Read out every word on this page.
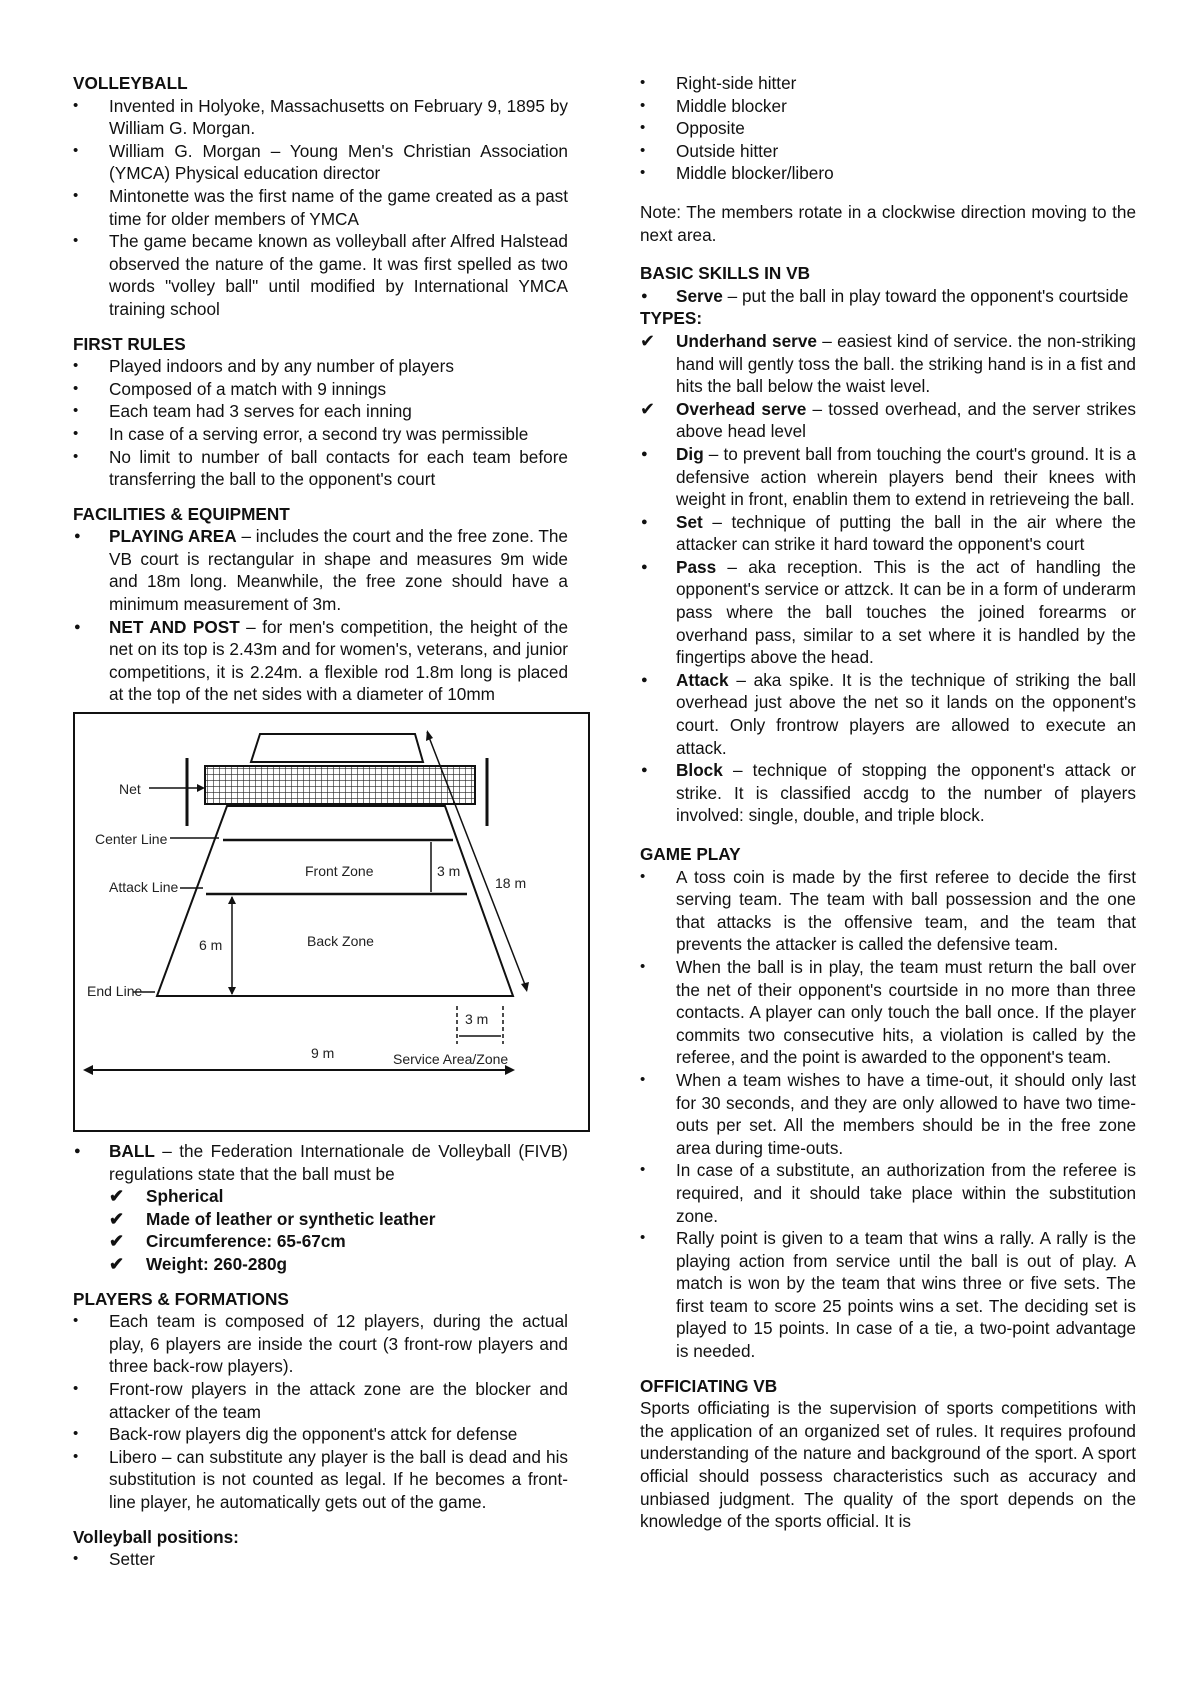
VOLLEYBALL
• Invented in Holyoke, Massachusetts on February 9, 1895 by William G. Morgan.
• William G. Morgan – Young Men's Christian Association (YMCA) Physical education director
• Mintonette was the first name of the game created as a past time for older members of YMCA
• The game became known as volleyball after Alfred Halstead observed the nature of the game. It was first spelled as two words "volley ball" until modified by International YMCA training school
FIRST RULES
• Played indoors and by any number of players
• Composed of a match with 9 innings
• Each team had 3 serves for each inning
• In case of a serving error, a second try was permissible
• No limit to number of ball contacts for each team before transferring the ball to the opponent's court
FACILITIES & EQUIPMENT
● PLAYING AREA – includes the court and the free zone. The VB court is rectangular in shape and measures 9m wide and 18m long. Meanwhile, the free zone should have a minimum measurement of 3m.
● NET AND POST – for men's competition, the height of the net on its top is 2.43m and for women's, veterans, and junior competitions, it is 2.24m. a flexible rod 1.8m long is placed at the top of the net sides with a diameter of 10mm
Net
Center Line
Attack Line
End Line
Front Zone
Back Zone
3 m
6 m
18 m
3 m
9 m	Service Area/Zone
● BALL – the Federation Internationale de Volleyball (FIVB) regulations state that the ball must be
✔ Spherical
✔ Made of leather or synthetic leather
✔ Circumference: 65-67cm
✔ Weight: 260-280g
PLAYERS & FORMATIONS
• Each team is composed of 12 players, during the actual play, 6 players are inside the court (3 front-row players and three back-row players).
• Front-row players in the attack zone are the blocker and attacker of the team
• Back-row players dig the opponent's attck for defense
• Libero – can substitute any player is the ball is dead and his substitution is not counted as legal. If he becomes a front-line player, he automatically gets out of the game.
Volleyball positions:
• Setter
• Right-side hitter
• Middle blocker
• Opposite
• Outside hitter
• Middle blocker/libero

Note: The members rotate in a clockwise direction moving to the next area.

BASIC SKILLS IN VB
● Serve – put the ball in play toward the opponent's courtside
TYPES:
✔ Underhand serve – easiest kind of service. the non-striking hand will gently toss the ball. the striking hand is in a fist and hits the ball below the waist level.
✔ Overhead serve – tossed overhead, and the server strikes above head level
● Dig – to prevent ball from touching the court's ground. It is a defensive action wherein players bend their knees with weight in front, enablin them to extend in retrieveing the ball.
● Set – technique of putting the ball in the air where the attacker can strike it hard toward the opponent's court
● Pass – aka reception. This is the act of handling the opponent's service or attzck. It can be in a form of underarm pass where the ball touches the joined forearms or overhand pass, similar to a set where it is handled by the fingertips above the head.
● Attack – aka spike. It is the technique of striking the ball overhead just above the net so it lands on the opponent's court. Only frontrow players are allowed to execute an attack.
● Block – technique of stopping the opponent's attack or strike. It is classified accdg to the number of players involved: single, double, and triple block.
GAME PLAY
• A toss coin is made by the first referee to decide the first serving team. The team with ball possession and the one that attacks is the offensive team, and the team that prevents the attacker is called the defensive team.
• When the ball is in play, the team must return the ball over the net of their opponent's courtside in no more than three contacts. A player can only touch the ball once. If the player commits two consecutive hits, a violation is called by the referee, and the point is awarded to the opponent's team.
• When a team wishes to have a time-out, it should only last for 30 seconds, and they are only allowed to have two time-outs per set. All the members should be in the free zone area during time-outs.
• In case of a substitute, an authorization from the referee is required, and it should take place within the substitution zone.
• Rally point is given to a team that wins a rally. A rally is the playing action from service until the ball is out of play. A match is won by the team that wins three or five sets. The first team to score 25 points wins a set. The deciding set is played to 15 points. In case of a tie, a two-point advantage is needed.
OFFICIATING VB

Sports officiating is the supervision of sports competitions with the application of an organized set of rules. It requires profound understanding of the nature and background of the sport. A sport official should possess characteristics such as accuracy and unbiased judgment. The quality of the sport depends on the knowledge of the sports official. It is
